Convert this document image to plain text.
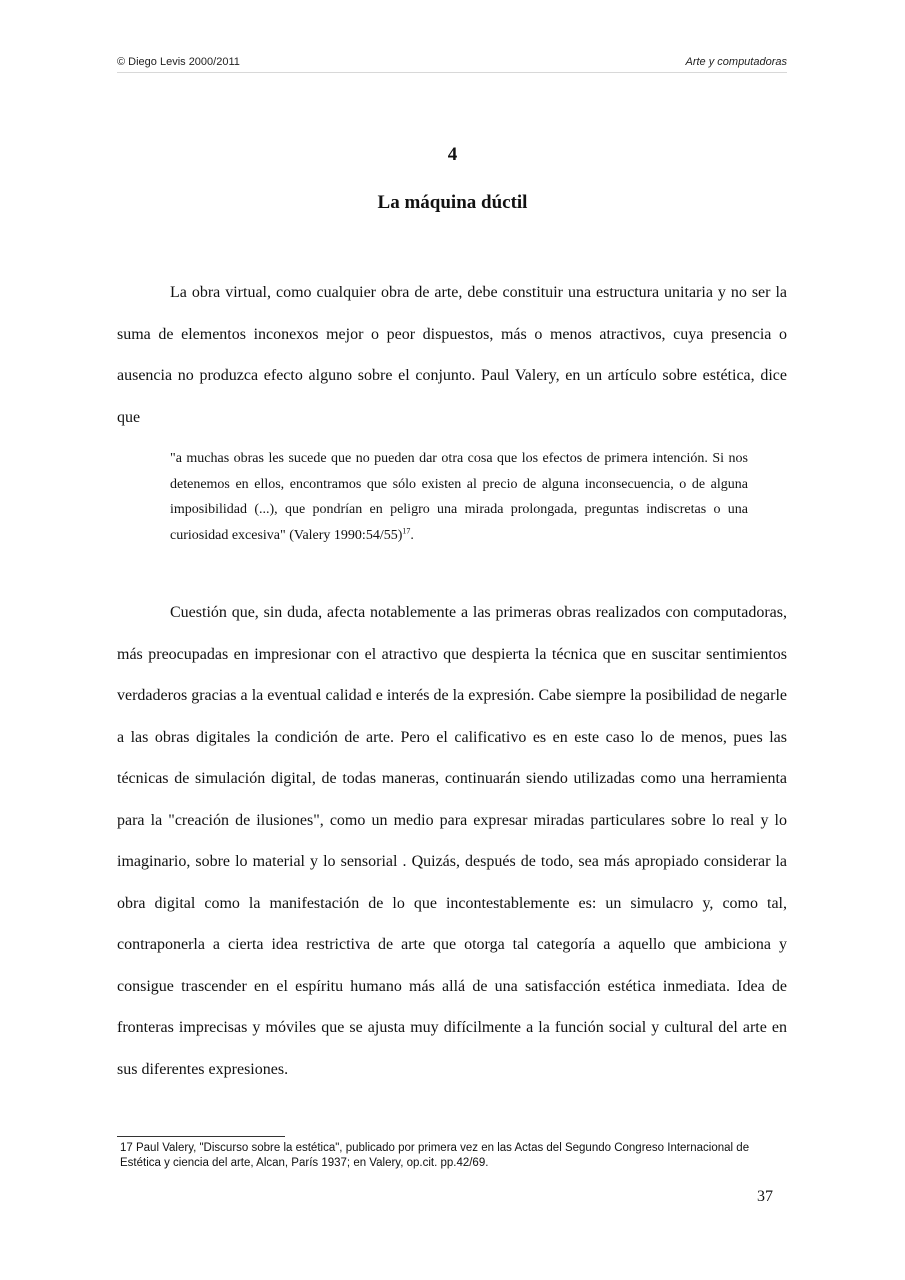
© Diego Levis 2000/2011	Arte y computadoras
4
La máquina dúctil

La obra virtual, como cualquier obra de arte, debe constituir una estructura unitaria y no ser la suma de elementos inconexos mejor o peor dispuestos, más o menos atractivos, cuya presencia o ausencia no produzca efecto alguno sobre el conjunto. Paul Valery, en un artículo sobre estética, dice que

"a muchas obras les sucede que no pueden dar otra cosa que los efectos de primera intención. Si nos detenemos en ellos, encontramos que sólo existen al precio de alguna inconsecuencia, o de alguna imposibilidad (...), que pondrían en peligro una mirada prolongada, preguntas indiscretas o una curiosidad excesiva" (Valery 1990:54/55)$^{17}$.

Cuestión que, sin duda, afecta notablemente a las primeras obras realizados con computadoras, más preocupadas en impresionar con el atractivo que despierta la técnica que en suscitar sentimientos verdaderos gracias a la eventual calidad e interés de la expresión. Cabe siempre la posibilidad de negarle a las obras digitales la condición de arte. Pero el calificativo es en este caso lo de menos, pues las técnicas de simulación digital, de todas maneras, continuarán siendo utilizadas como una herramienta para la "creación de ilusiones", como un medio para expresar miradas particulares sobre lo real y lo imaginario, sobre lo material y lo sensorial . Quizás, después de todo, sea más apropiado considerar la obra digital como la manifestación de lo que incontestablemente es: un simulacro y, como tal, contraponerla a cierta idea restrictiva de arte que otorga tal categoría a aquello que ambiciona y consigue trascender en el espíritu humano más allá de una satisfacción estética inmediata. Idea de fronteras imprecisas y móviles que se ajusta muy difícilmente a la función social y cultural del arte en sus diferentes expresiones.

17 Paul Valery, "Discurso sobre la estética", publicado por primera vez en las Actas del Segundo Congreso Internacional de Estética y ciencia del arte, Alcan, París 1937; en Valery, op.cit. pp.42/69.

37
